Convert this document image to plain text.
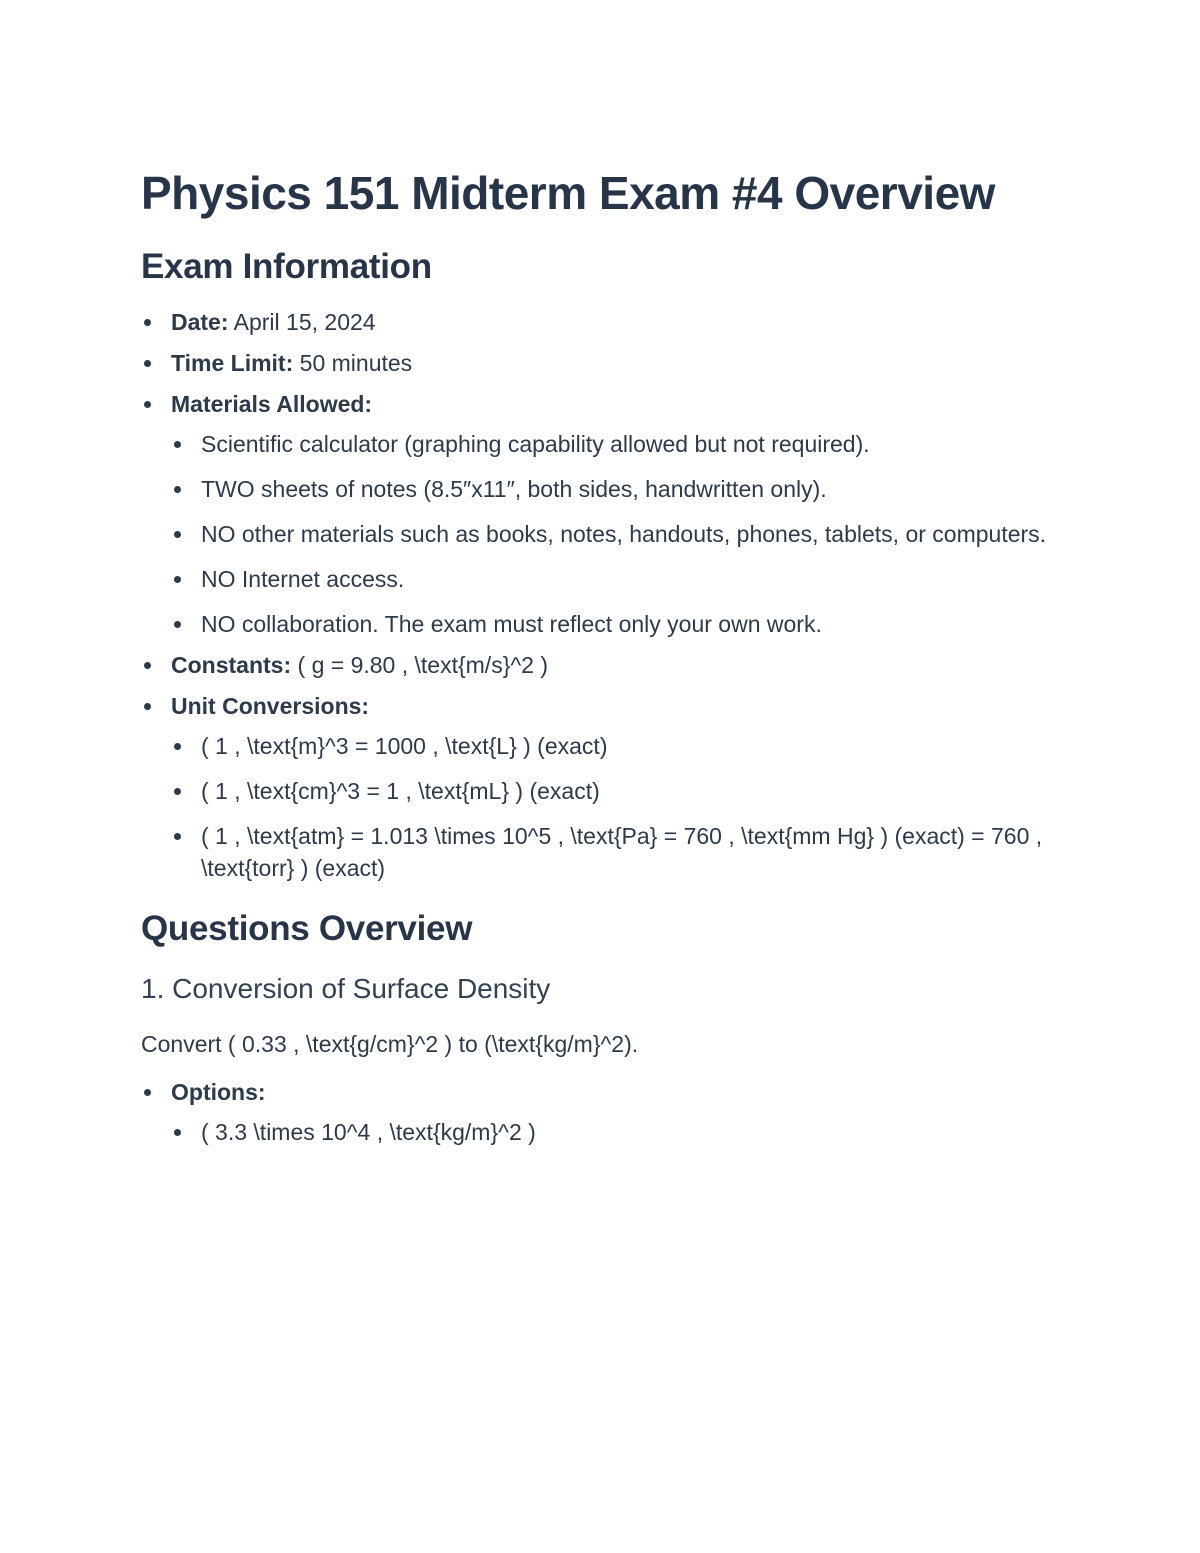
Physics 151 Midterm Exam #4 Overview
Exam Information
Date: April 15, 2024
Time Limit: 50 minutes
Materials Allowed:
Scientific calculator (graphing capability allowed but not required).
TWO sheets of notes (8.5″x11″, both sides, handwritten only).
NO other materials such as books, notes, handouts, phones, tablets, or computers.
NO Internet access.
NO collaboration. The exam must reflect only your own work.
Constants: ( g = 9.80 , \text{m/s}^2 )
Unit Conversions:
( 1 , \text{m}^3 = 1000 , \text{L} ) (exact)
( 1 , \text{cm}^3 = 1 , \text{mL} ) (exact)
( 1 , \text{atm} = 1.013 \times 10^5 , \text{Pa} = 760 , \text{mm Hg} ) (exact) = 760 , \text{torr} ) (exact)
Questions Overview
1. Conversion of Surface Density

Convert ( 0.33 , \text{g/cm}^2 ) to (\text{kg/m}^2).

Options:
( 3.3 \times 10^4 , \text{kg/m}^2 )
